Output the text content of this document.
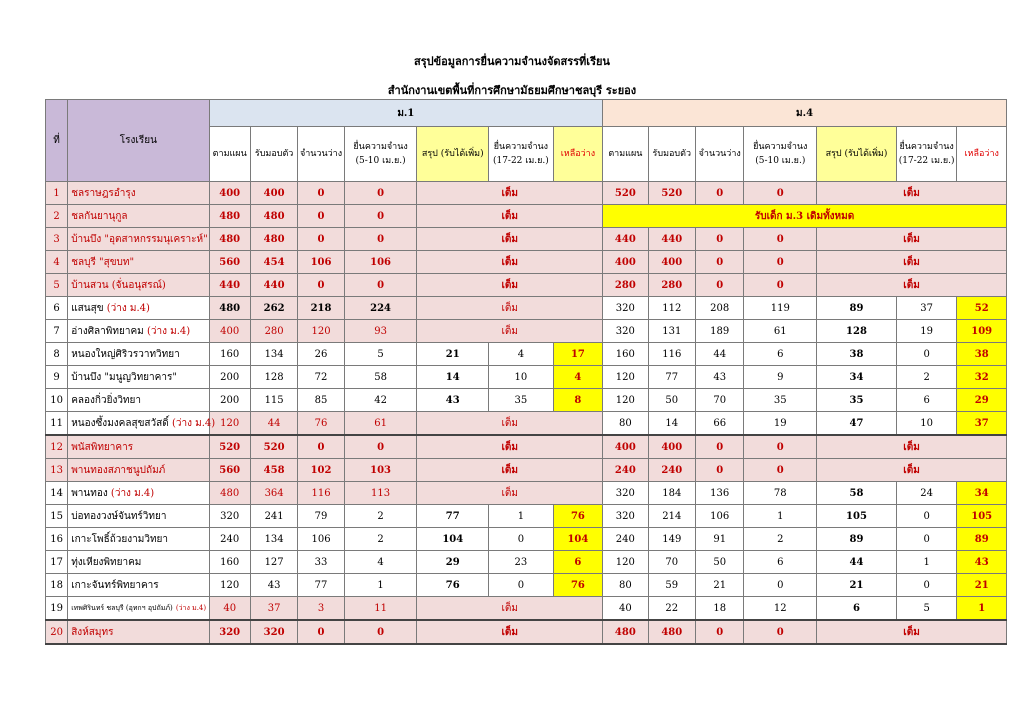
สรุปข้อมูลการยื่นความจำนงจัดสรรที่เรียน
สำนักงานเขตพื้นที่การศึกษามัธยมศึกษาชลบุรี ระยอง
ที่	โรงเรียน	ม.1							ม.4						
		ตามแผน	รับมอบตัว	จำนวนว่าง	ยื่นความจำนง
(5-10 เม.ย.)	สรุป (รับได้เพิ่ม)	ยื่นความจำนง
(17-22 เม.ย.)	เหลือว่าง	ตามแผน	รับมอบตัว	จำนวนว่าง	ยื่นความจำนง
(5-10 เม.ย.)	สรุป (รับได้เพิ่ม)	ยื่นความจำนง
(17-22 เม.ย.)	เหลือว่าง
1	ชลราษฎรอำรุง	400	400	0	0	เต็ม			520	520	0	0	เต็ม		
2	ชลกันยานุกูล	480	480	0	0	เต็ม			รับเด็ก ม.3 เดิมทั้งหมด						
3	บ้านบึง "อุตสาหกรรมนุเคราะห์"	480	480	0	0	เต็ม			440	440	0	0	เต็ม		
4	ชลบุรี "สุขบท"	560	454	106	106	เต็ม			400	400	0	0	เต็ม		
5	บ้านสวน (จั่นอนุสรณ์)	440	440	0	0	เต็ม			280	280	0	0	เต็ม		
6	แสนสุข (ว่าง ม.4)	480	262	218	224	เต็ม			320	112	208	119	89	37	52
7	อ่างศิลาพิทยาคม (ว่าง ม.4)	400	280	120	93	เต็ม			320	131	189	61	128	19	109
8	หนองใหญ่ศิริวรวาทวิทยา	160	134	26	5	21	4	17	160	116	44	6	38	0	38
9	บ้านบึง "มนูญวิทยาคาร"	200	128	72	58	14	10	4	120	77	43	9	34	2	32
10	คลองกิ่วยิ่งวิทยา	200	115	85	42	43	35	8	120	50	70	35	35	6	29
11	หนองซึ้งมงคลสุขสวัสดิ์ (ว่าง ม.4)	120	44	76	61	เต็ม			80	14	66	19	47	10	37
12	พนัสพิทยาคาร	520	520	0	0	เต็ม			400	400	0	0	เต็ม		
13	พานทองสภาชนูปถัมภ์	560	458	102	103	เต็ม			240	240	0	0	เต็ม		
14	พานทอง (ว่าง ม.4)	480	364	116	113	เต็ม			320	184	136	78	58	24	34
15	บ่อทองวงษ์จันทร์วิทยา	320	241	79	2	77	1	76	320	214	106	1	105	0	105
16	เกาะโพธิ์ถ้วยงามวิทยา	240	134	106	2	104	0	104	240	149	91	2	89	0	89
17	ทุ่งเหียงพิทยาคม	160	127	33	4	29	23	6	120	70	50	6	44	1	43
18	เกาะจันทร์พิทยาคาร	120	43	77	1	76	0	76	80	59	21	0	21	0	21
19	เทพศิรินทร์ ชลบุรี (อุทกฯ อุปถัมภ์) (ว่าง ม.4)	40	37	3	11	เต็ม			40	22	18	12	6	5	1
20	สิงห์สมุทร	320	320	0	0	เต็ม			480	480	0	0	เต็ม		
